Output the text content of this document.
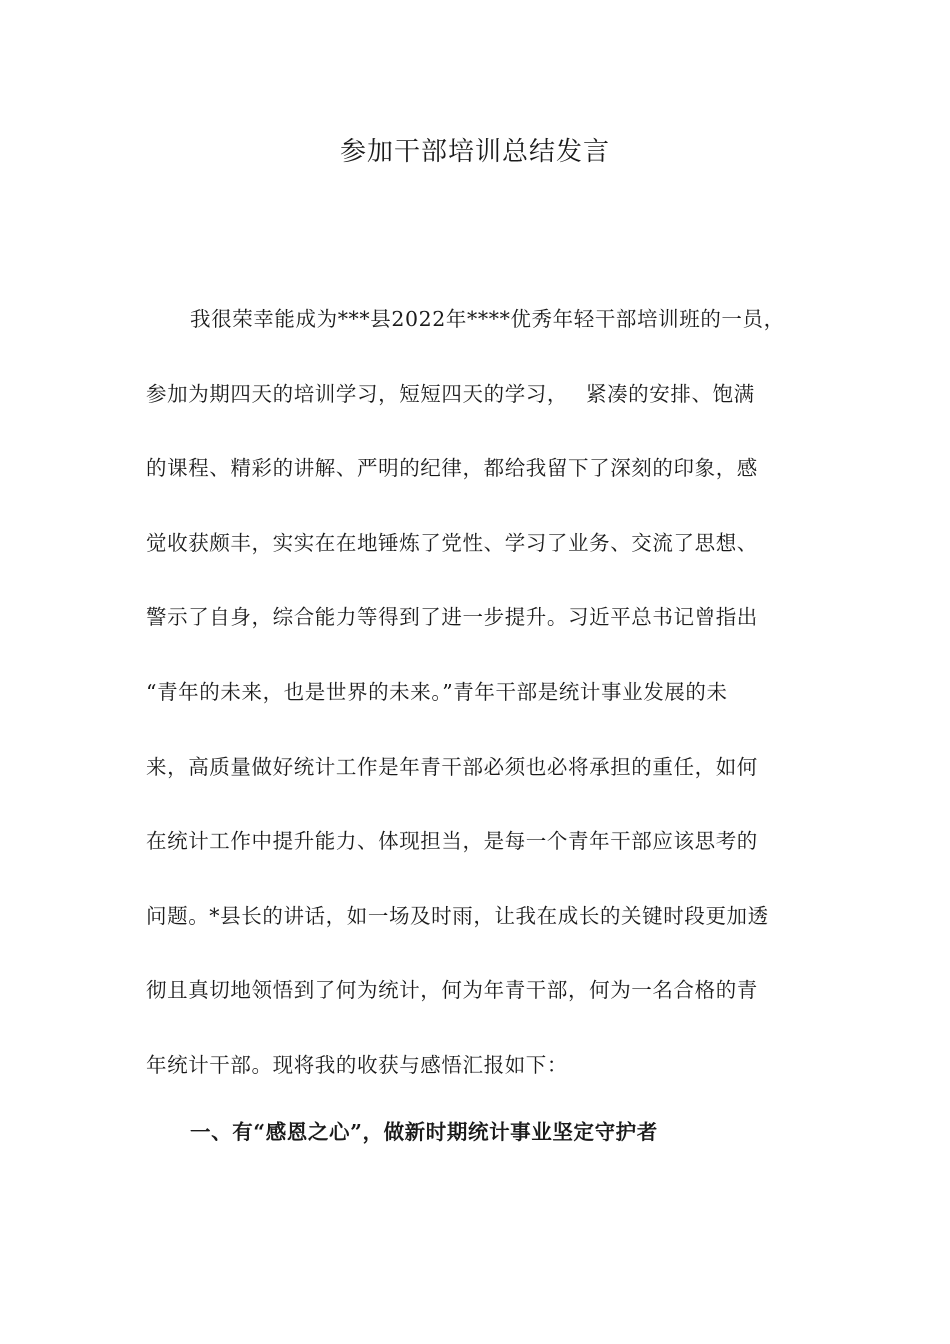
参加干部培训总结发言
我很荣幸能成为***县2022年****优秀年轻干部培训班的一员，
参加为期四天的培训学习，短短四天的学习，　 紧凑的安排、饱满
的课程、精彩的讲解、严明的纪律，都给我留下了深刻的印象，感
觉收获颇丰，实实在在地锤炼了党性、学习了业务、交流了思想、
警示了自身，综合能力等得到了进一步提升。习近平总书记曾指出
“青年的未来，也是世界的未来。”青年干部是统计事业发展的未
来，高质量做好统计工作是年青干部必须也必将承担的重任，如何
在统计工作中提升能力、体现担当，是每一个青年干部应该思考的
问题。*县长的讲话，如一场及时雨，让我在成长的关键时段更加透
彻且真切地领悟到了何为统计，何为年青干部，何为一名合格的青
年统计干部。现将我的收获与感悟汇报如下：
一、有“感恩之心”，做新时期统计事业坚定守护者
